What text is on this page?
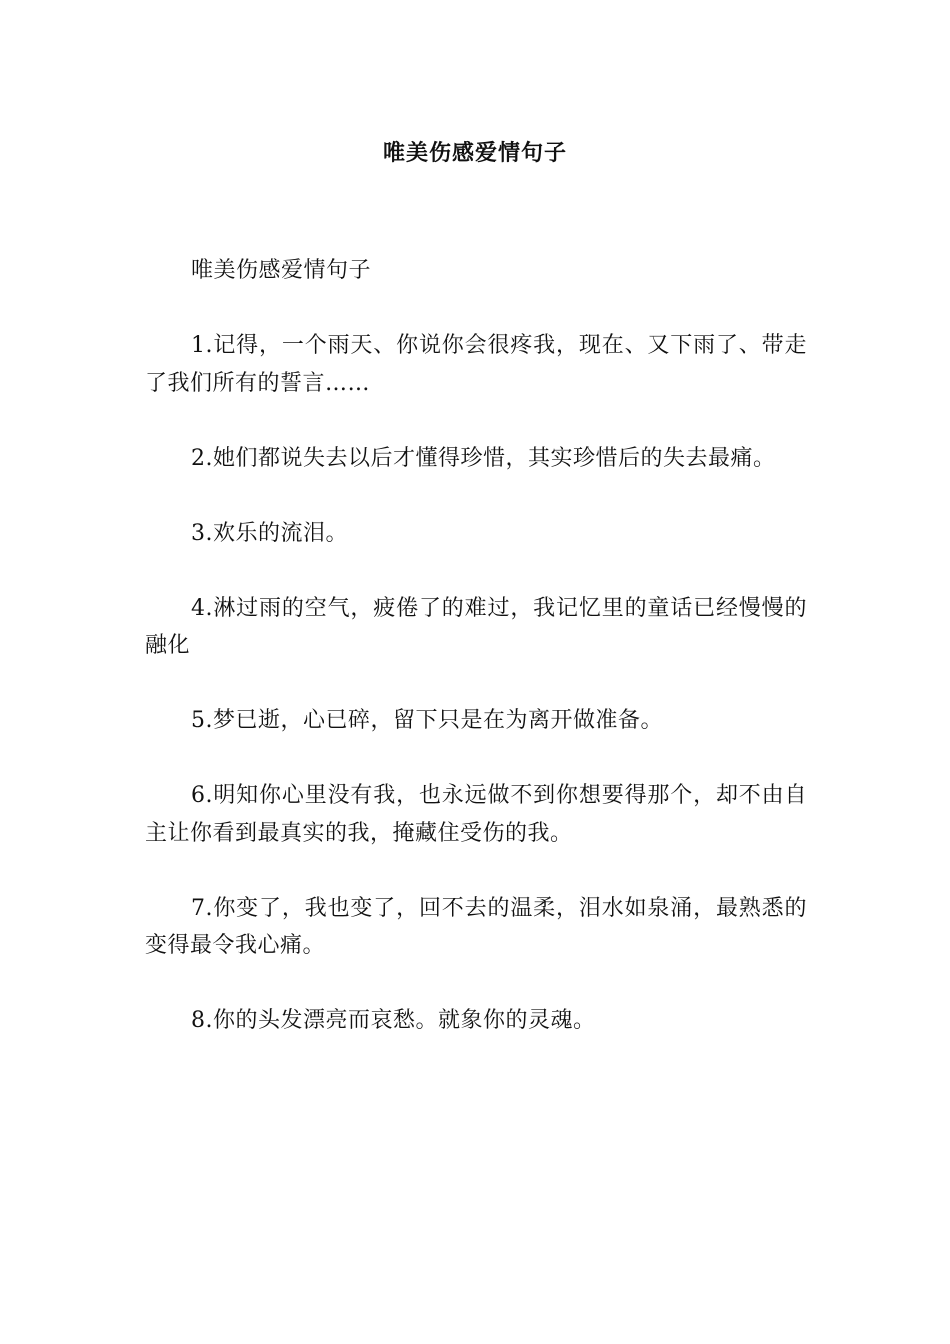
唯美伤感爱情句子

唯美伤感爱情句子

1.记得，一个雨天、你说你会很疼我，现在、又下雨了、带走了我们所有的誓言……

2.她们都说失去以后才懂得珍惜，其实珍惜后的失去最痛。

3.欢乐的流泪。

4.淋过雨的空气，疲倦了的难过，我记忆里的童话已经慢慢的融化

5.梦已逝，心已碎，留下只是在为离开做准备。

6.明知你心里没有我，也永远做不到你想要得那个，却不由自主让你看到最真实的我，掩藏住受伤的我。

7.你变了，我也变了，回不去的温柔，泪水如泉涌，最熟悉的变得最令我心痛。

8.你的头发漂亮而哀愁。就象你的灵魂。
